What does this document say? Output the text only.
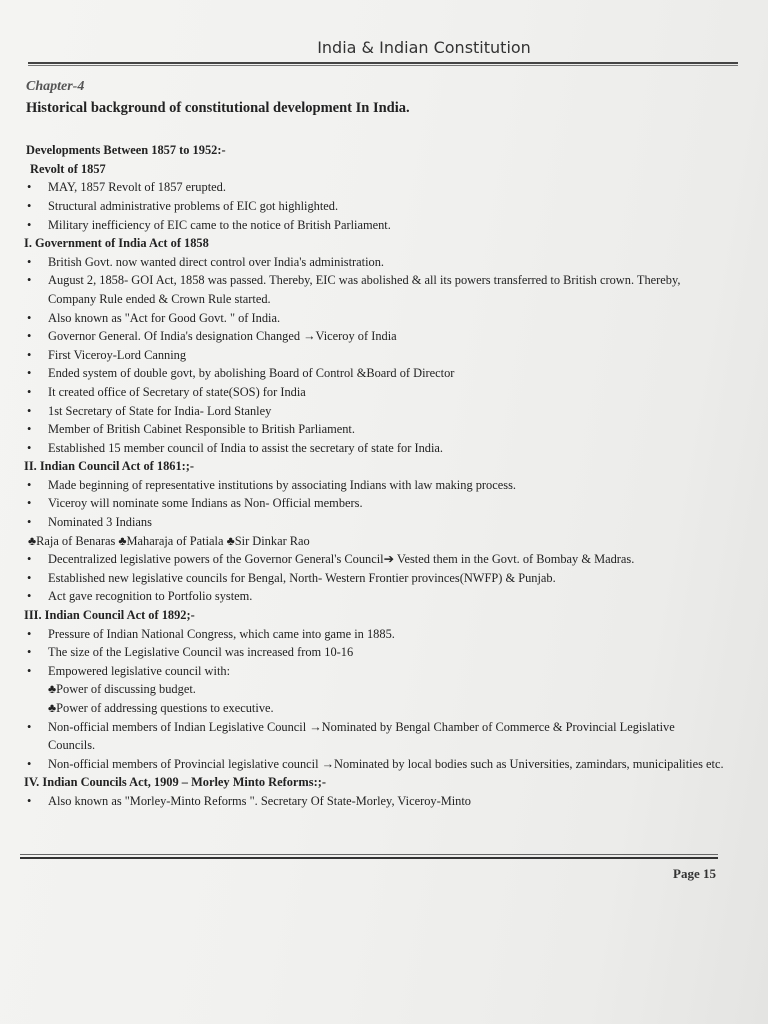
India & Indian Constitution
Chapter-4
Historical background of constitutional development In India.
Developments Between 1857 to 1952:-
Revolt of 1857
• MAY, 1857 Revolt of 1857 erupted.
• Structural administrative problems of EIC got highlighted.
• Military inefficiency of EIC came to the notice of British Parliament.
I. Government of India Act of 1858
• British Govt. now wanted direct control over India's administration.
• August 2, 1858- GOI Act, 1858 was passed. Thereby, EIC was abolished & all its powers transferred to British crown. Thereby, Company Rule ended & Crown Rule started.
• Also known as "Act for Good Govt. " of India.
• Governor General. Of India's designation Changed →Viceroy of India
• First Viceroy-Lord Canning
• Ended system of double govt, by abolishing Board of Control &Board of Director
• It created office of Secretary of state(SOS) for India
• 1st Secretary of State for India- Lord Stanley
• Member of British Cabinet Responsible to British Parliament.
• Established 15 member council of India to assist the secretary of state for India.
II. Indian Council Act of 1861:;-
• Made beginning of representative institutions by associating Indians with law making process.
• Viceroy will nominate some Indians as Non- Official members.
• Nominated 3 Indians
♣Raja of Benaras ♣Maharaja of Patiala ♣Sir Dinkar Rao
• Decentralized legislative powers of the Governor General's Council➔ Vested them in the Govt. of Bombay & Madras.
• Established new legislative councils for Bengal, North- Western Frontier provinces(NWFP) & Punjab.
• Act gave recognition to Portfolio system.
III. Indian Council Act of 1892;-
• Pressure of Indian National Congress, which came into game in 1885.
• The size of the Legislative Council was increased from 10-16
• Empowered legislative council with:
♣Power of discussing budget.
♣Power of addressing questions to executive.
• Non-official members of Indian Legislative Council →Nominated by Bengal Chamber of Commerce & Provincial Legislative Councils.
• Non-official members of Provincial legislative council →Nominated by local bodies such as Universities, zamindars, municipalities etc.
IV. Indian Councils Act, 1909 – Morley Minto Reforms:;-
• Also known as "Morley-Minto Reforms ". Secretary Of State-Morley, Viceroy-Minto
Page 15
